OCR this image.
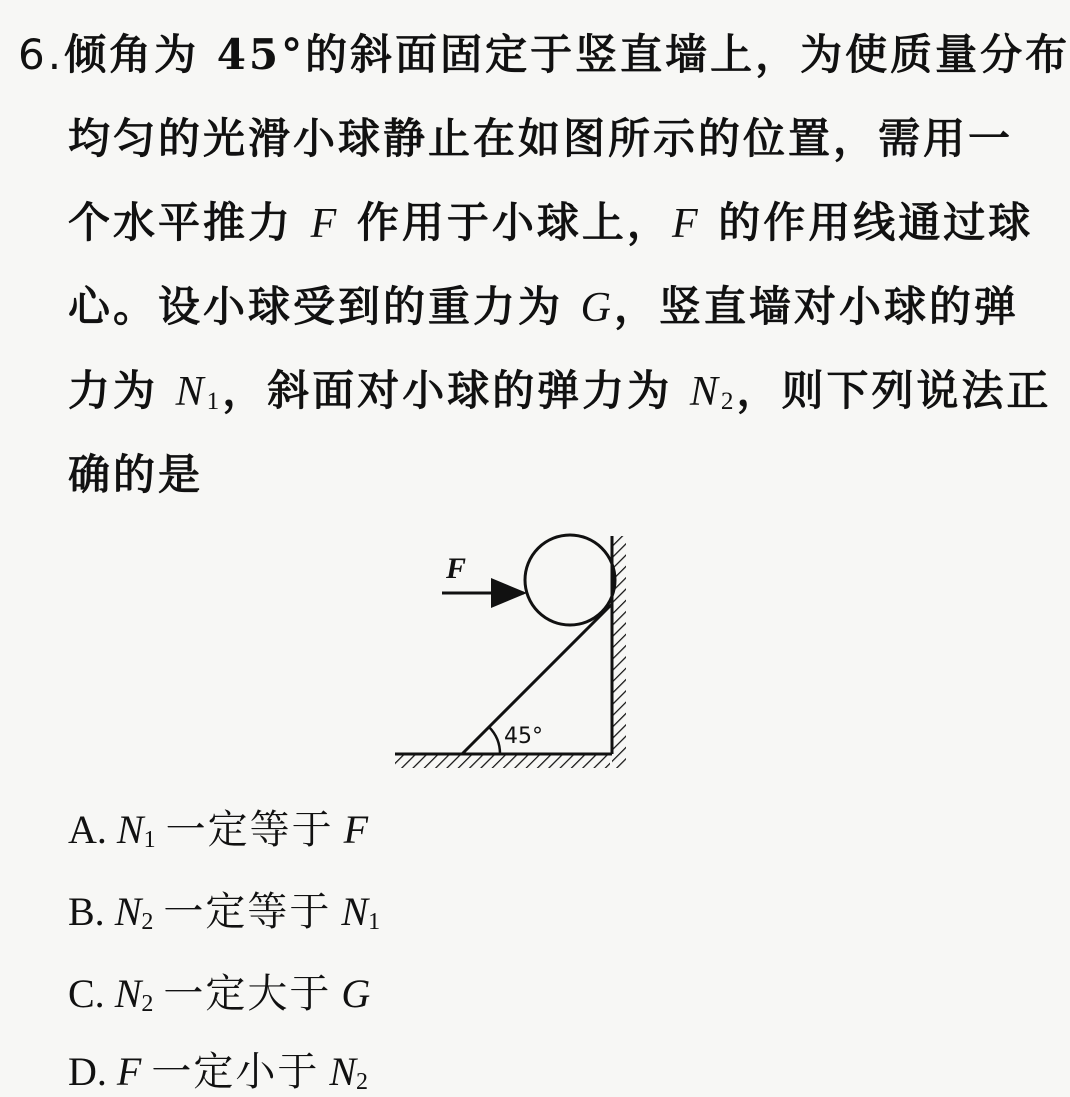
6.倾角为 45°的斜面固定于竖直墙上，为使质量分布
均匀的光滑小球静止在如图所示的位置，需用一
个水平推力 F 作用于小球上，F 的作用线通过球
心。设小球受到的重力为 G，竖直墙对小球的弹
力为 $N_1$，斜面对小球的弹力为 $N_2$，则下列说法正
确的是
F
45°
A. $N_1$ 一定等于 F
B. $N_2$ 一定等于 $N_1$
C. $N_2$ 一定大于 G
D. F 一定小于 $N_2$
